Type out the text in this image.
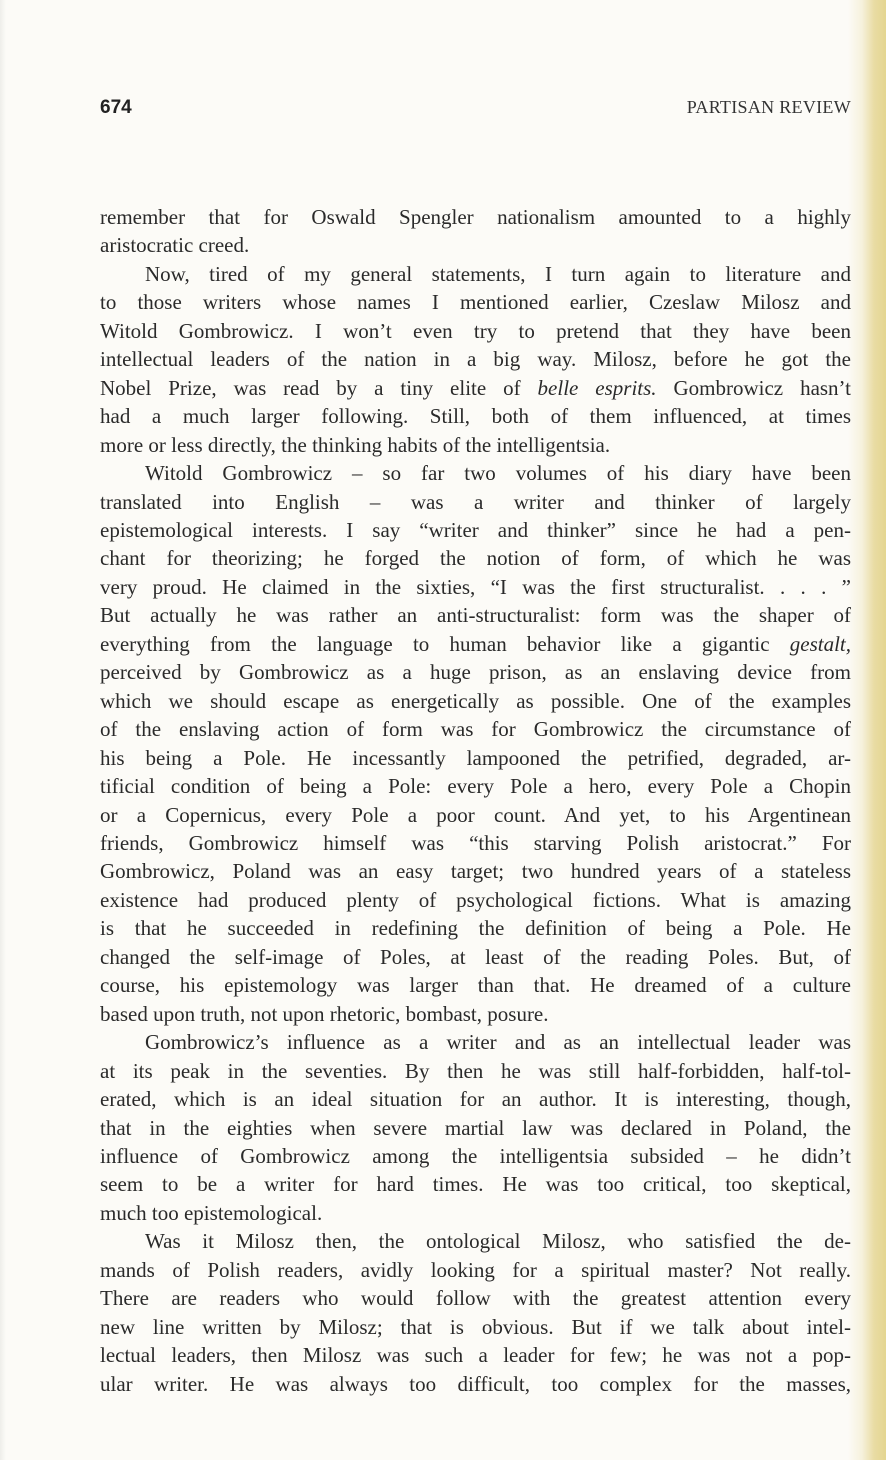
674	PARTISAN REVIEW
remember that for Oswald Spengler nationalism amounted to a highly
aristocratic creed.
Now, tired of my general statements, I turn again to literature and
to those writers whose names I mentioned earlier, Czeslaw Milosz and
Witold Gombrowicz. I won’t even try to pretend that they have been
intellectual leaders of the nation in a big way. Milosz, before he got the
Nobel Prize, was read by a tiny elite of belle esprits. Gombrowicz hasn’t
had a much larger following. Still, both of them influenced, at times
more or less directly, the thinking habits of the intelligentsia.
Witold Gombrowicz – so far two volumes of his diary have been
translated into English – was a writer and thinker of largely
epistemological interests. I say “writer and thinker” since he had a pen-
chant for theorizing; he forged the notion of form, of which he was
very proud. He claimed in the sixties, “I was the first structuralist. . . . ”
But actually he was rather an anti-structuralist: form was the shaper of
everything from the language to human behavior like a gigantic gestalt,
perceived by Gombrowicz as a huge prison, as an enslaving device from
which we should escape as energetically as possible. One of the examples
of the enslaving action of form was for Gombrowicz the circumstance of
his being a Pole. He incessantly lampooned the petrified, degraded, ar-
tificial condition of being a Pole: every Pole a hero, every Pole a Chopin
or a Copernicus, every Pole a poor count. And yet, to his Argentinean
friends, Gombrowicz himself was “this starving Polish aristocrat.” For
Gombrowicz, Poland was an easy target; two hundred years of a stateless
existence had produced plenty of psychological fictions. What is amazing
is that he succeeded in redefining the definition of being a Pole. He
changed the self-image of Poles, at least of the reading Poles. But, of
course, his epistemology was larger than that. He dreamed of a culture
based upon truth, not upon rhetoric, bombast, posure.
Gombrowicz’s influence as a writer and as an intellectual leader was
at its peak in the seventies. By then he was still half-forbidden, half-tol-
erated, which is an ideal situation for an author. It is interesting, though,
that in the eighties when severe martial law was declared in Poland, the
influence of Gombrowicz among the intelligentsia subsided – he didn’t
seem to be a writer for hard times. He was too critical, too skeptical,
much too epistemological.
Was it Milosz then, the ontological Milosz, who satisfied the de-
mands of Polish readers, avidly looking for a spiritual master? Not really.
There are readers who would follow with the greatest attention every
new line written by Milosz; that is obvious. But if we talk about intel-
lectual leaders, then Milosz was such a leader for few; he was not a pop-
ular writer. He was always too difficult, too complex for the masses,
